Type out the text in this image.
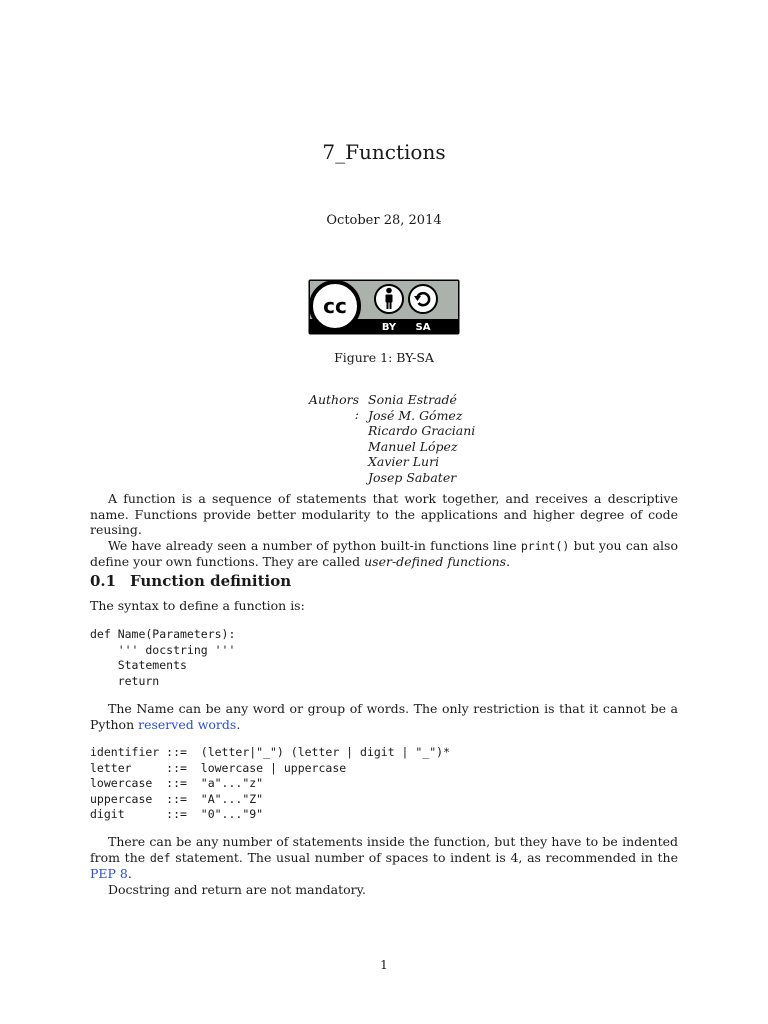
7_Functions
October 28, 2014
cc
BY SA
Figure 1: BY-SA
Authors :
Sonia Estradé
José M. Gómez
Ricardo Graciani
Manuel López
Xavier Luri
Josep Sabater
A function is a sequence of statements that work together, and receives a descriptive name. Functions provide better modularity to the applications and higher degree of code reusing.
We have already seen a number of python built-in functions line print() but you can also define your own functions. They are called user-defined functions.
0.1 Function definition
The syntax to define a function is:
def Name(Parameters):
''' docstring '''
Statements
return
The Name can be any word or group of words. The only restriction is that it cannot be a Python reserved words.
identifier ::=  (letter|"_") (letter | digit | "_")*
letter     ::=  lowercase | uppercase
lowercase  ::=  "a"..."z"
uppercase  ::=  "A"..."Z"
digit      ::=  "0"..."9"
There can be any number of statements inside the function, but they have to be indented from the def statement. The usual number of spaces to indent is 4, as recommended in the PEP 8.
Docstring and return are not mandatory.
1
